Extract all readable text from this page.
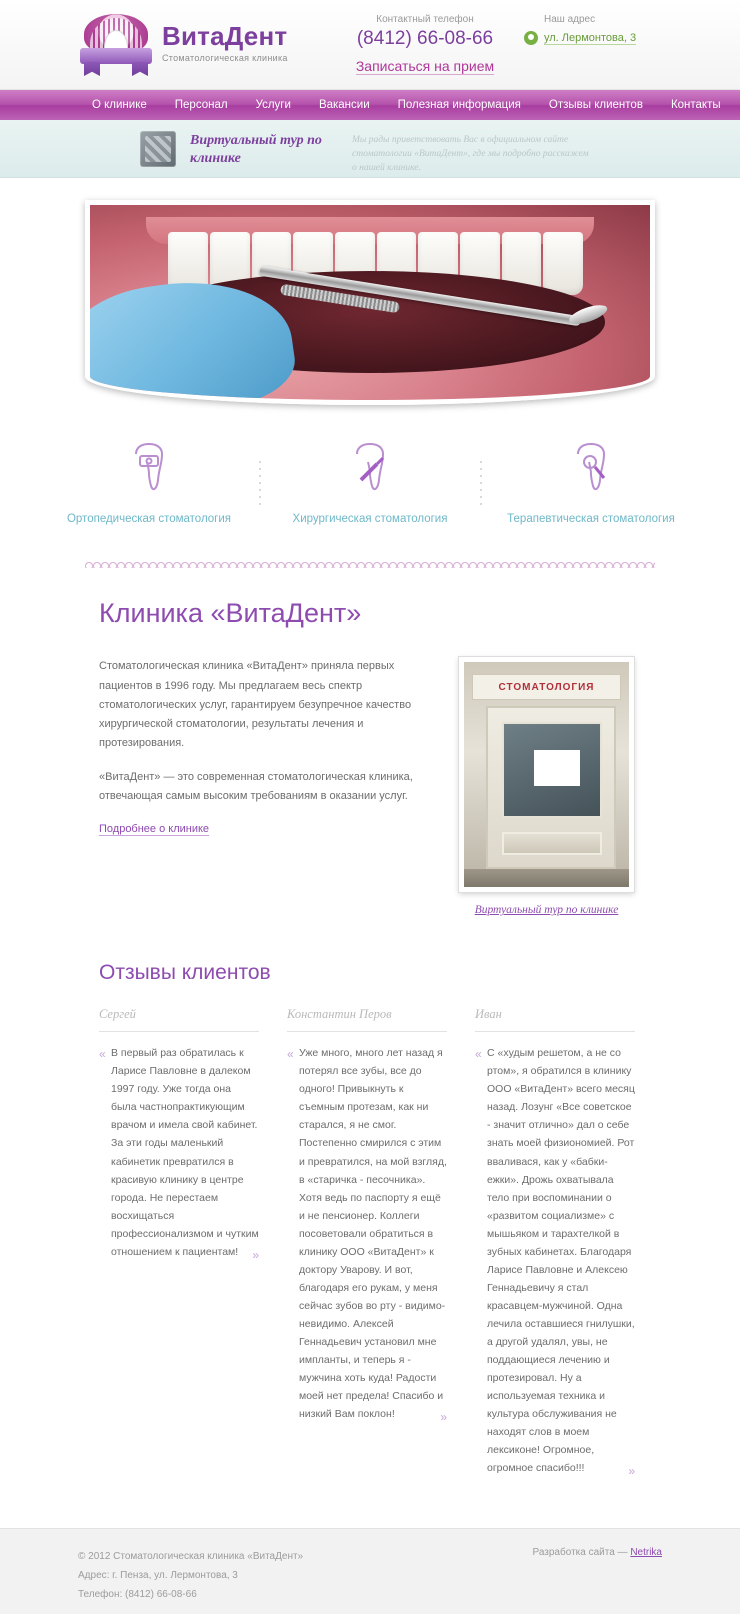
ВитаДент
Стоматологическая клиника
Контактный телефон
(8412) 66-08-66
Записаться на прием
Наш адрес
ул. Лермонтова, 3
О клинике	Персонал	Услуги	Вакансии	Полезная информация	Отзывы клиентов	Контакты
Виртуальный тур по клинике
Мы рады приветствовать Вас в официальном сайте стоматологии «ВитаДент», где мы подробно расскажем о нашей клинике.
Ортопедическая стоматология	Хирургическая стоматология	Терапевтическая стоматология
Клиника «ВитаДент»

Стоматологическая клиника «ВитаДент» приняла первых пациентов в 1996 году. Мы предлагаем весь спектр стоматологических услуг, гарантируем безупречное качество хирургической стоматологии, результаты лечения и протезирования.

«ВитаДент» — это современная стоматологическая клиника, отвечающая самым высоким требованиям в оказании услуг.

Подробнее о клинике
СТОМАТОЛОГИЯ
Виртуальный тур по клинике
Отзывы клиентов
Сергей
« В первый раз обратилась к Ларисе Павловне в далеком 1997 году. Уже тогда она была частнопрактикующим врачом и имела свой кабинет. За эти годы маленький кабинетик превратился в красивую клинику в центре города. Не перестаем восхищаться профессионализмом и чутким отношением к пациентам! »
Константин Перов
« Уже много, много лет назад я потерял все зубы, все до одного! Привыкнуть к съемным протезам, как ни старался, я не смог. Постепенно смирился с этим и превратился, на мой взгляд, в «старичка - песочника». Хотя ведь по паспорту я ещё и не пенсионер. Коллеги посоветовали обратиться в клинику ООО «ВитаДент» к доктору Уварову. И вот, благодаря его рукам, у меня сейчас зубов во рту - видимо-невидимо. Алексей Геннадьевич установил мне импланты, и теперь я - мужчина хоть куда! Радости моей нет предела! Спасибо и низкий Вам поклон!	»
Иван
« С «худым решетом, а не со ртом», я обратился в клинику ООО «ВитаДент» всего месяц назад. Лозунг «Все советское - значит отлично» дал о себе знать моей физиономией. Рот вваливася, как у «бабки-ежки». Дрожь охватывала тело при воспоминании о «развитом социализме» с мышьяком и тарахтелкой в зубных кабинетах. Благодаря Ларисе Павловне и Алексею Геннадьевичу я стал красавцем-мужчиной. Одна лечила оставшиеся гнилушки, а другой удалял, увы, не поддающиеся лечению и протезировал. Ну а используемая техника и культура обслуживания не находят слов в моем лексиконе! Огромное, огромное спасибо!!!	»
© 2012 Стоматологическая клиника «ВитаДент»
Адрес: г. Пенза, ул. Лермонтова, 3
Телефон: (8412) 66-08-66
Разработка сайта — Netrika
